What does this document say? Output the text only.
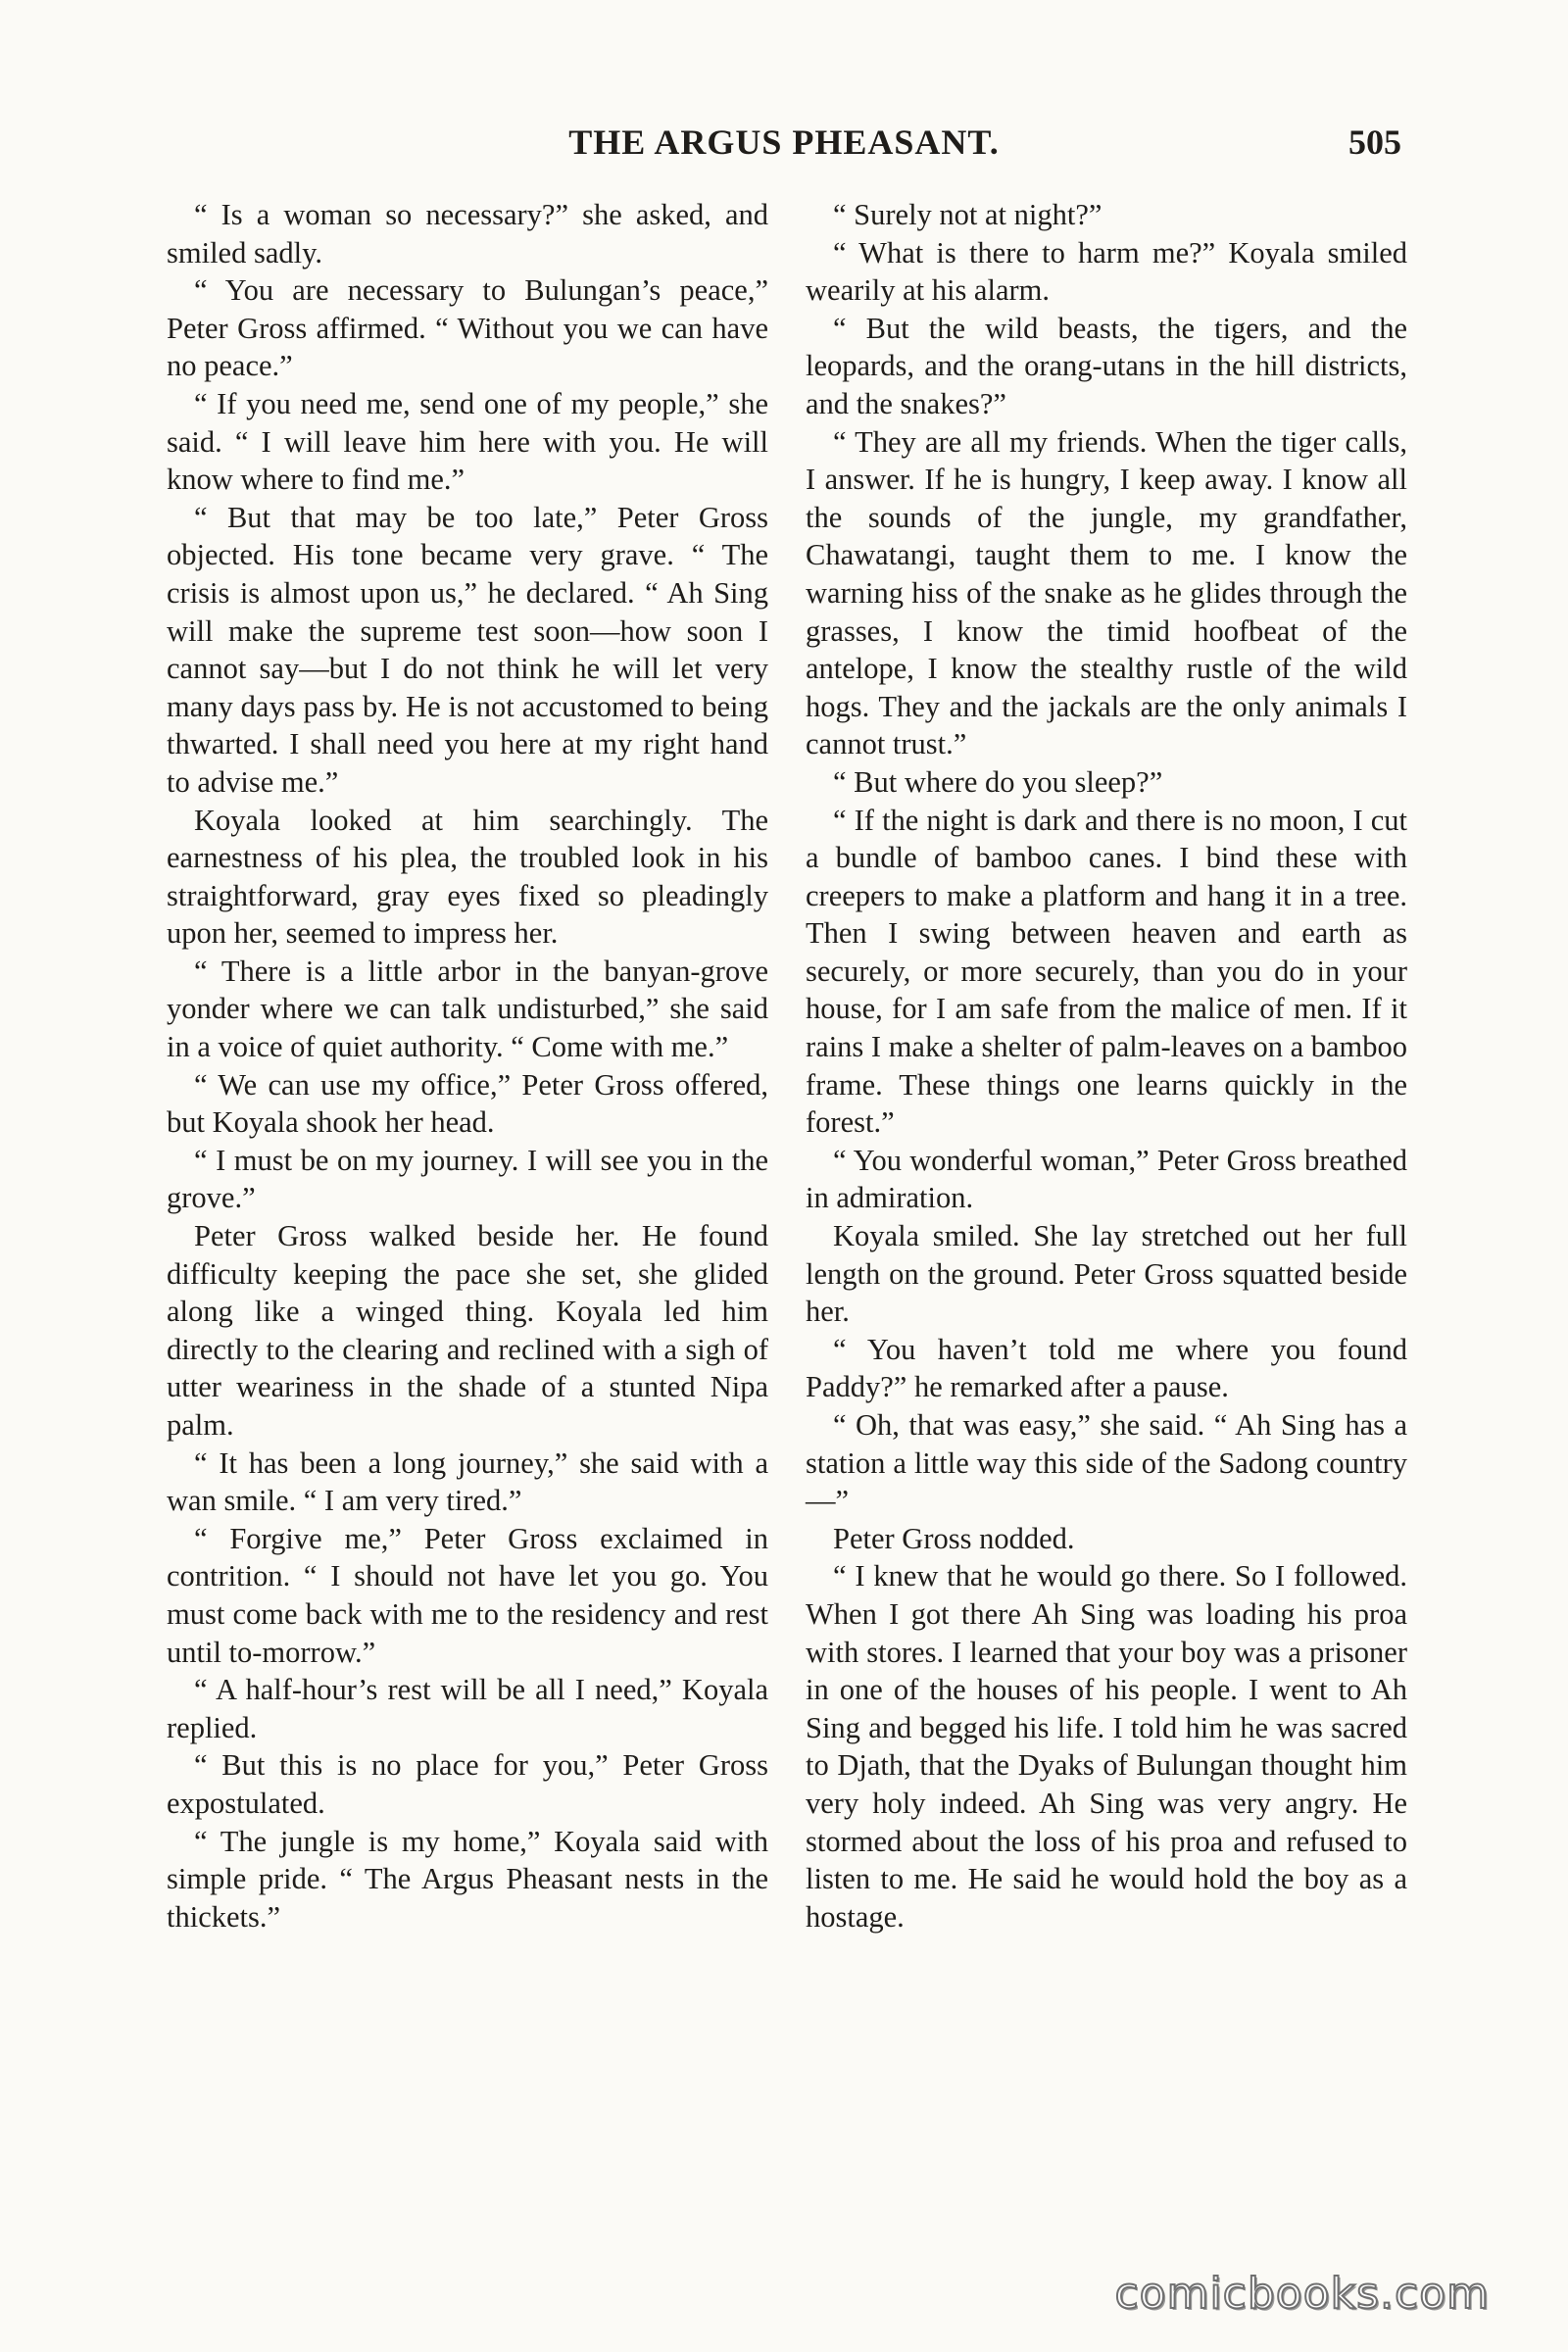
THE ARGUS PHEASANT.	505

“ Is a woman so necessary?” she asked, and smiled sadly.

“ You are necessary to Bulungan’s peace,” Peter Gross affirmed. “ Without you we can have no peace.”

“ If you need me, send one of my people,” she said. “ I will leave him here with you. He will know where to find me.”

“ But that may be too late,” Peter Gross objected. His tone became very grave. “ The crisis is almost upon us,” he declared. “ Ah Sing will make the supreme test soon—how soon I cannot say—but I do not think he will let very many days pass by. He is not accustomed to being thwarted. I shall need you here at my right hand to advise me.”

Koyala looked at him searchingly. The earnestness of his plea, the troubled look in his straightforward, gray eyes fixed so pleadingly upon her, seemed to impress her.

“ There is a little arbor in the banyan-grove yonder where we can talk undisturbed,” she said in a voice of quiet authority. “ Come with me.”

“ We can use my office,” Peter Gross offered, but Koyala shook her head.

“ I must be on my journey. I will see you in the grove.”

Peter Gross walked beside her. He found difficulty keeping the pace she set, she glided along like a winged thing. Koyala led him directly to the clearing and reclined with a sigh of utter weariness in the shade of a stunted Nipa palm.

“ It has been a long journey,” she said with a wan smile. “ I am very tired.”

“ Forgive me,” Peter Gross exclaimed in contrition. “ I should not have let you go. You must come back with me to the residency and rest until to-morrow.”

“ A half-hour’s rest will be all I need,” Koyala replied.

“ But this is no place for you,” Peter Gross expostulated.

“ The jungle is my home,” Koyala said with simple pride. “ The Argus Pheasant nests in the thickets.”

“ Surely not at night?”

“ What is there to harm me?” Koyala smiled wearily at his alarm.

“ But the wild beasts, the tigers, and the leopards, and the orang-utans in the hill districts, and the snakes?”

“ They are all my friends. When the tiger calls, I answer. If he is hungry, I keep away. I know all the sounds of the jungle, my grandfather, Chawatangi, taught them to me. I know the warning hiss of the snake as he glides through the grasses, I know the timid hoofbeat of the antelope, I know the stealthy rustle of the wild hogs. They and the jackals are the only animals I cannot trust.”

“ But where do you sleep?”

“ If the night is dark and there is no moon, I cut a bundle of bamboo canes. I bind these with creepers to make a platform and hang it in a tree. Then I swing between heaven and earth as securely, or more securely, than you do in your house, for I am safe from the malice of men. If it rains I make a shelter of palm-leaves on a bamboo frame. These things one learns quickly in the forest.”

“ You wonderful woman,” Peter Gross breathed in admiration.

Koyala smiled. She lay stretched out her full length on the ground. Peter Gross squatted beside her.

“ You haven’t told me where you found Paddy?” he remarked after a pause.

“ Oh, that was easy,” she said. “ Ah Sing has a station a little way this side of the Sadong country—”

Peter Gross nodded.

“ I knew that he would go there. So I followed. When I got there Ah Sing was loading his proa with stores. I learned that your boy was a prisoner in one of the houses of his people. I went to Ah Sing and begged his life. I told him he was sacred to Djath, that the Dyaks of Bulungan thought him very holy indeed. Ah Sing was very angry. He stormed about the loss of his proa and refused to listen to me. He said he would hold the boy as a hostage.

comicbooks.com
